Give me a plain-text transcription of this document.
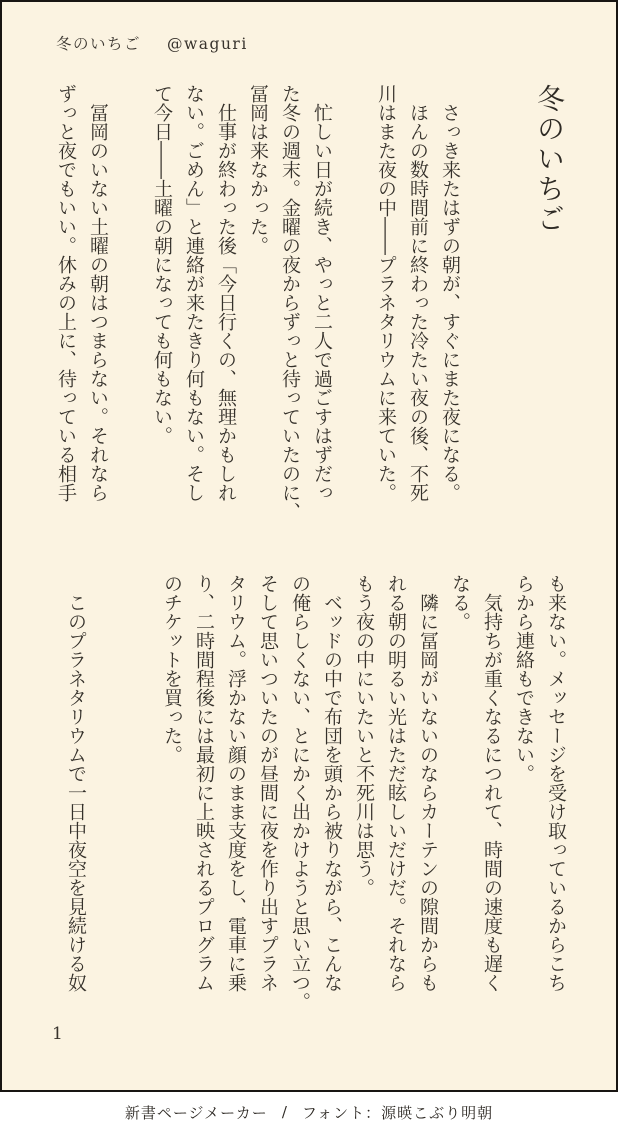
冬のいちご @waguri
冬のいちご
さっき来たはずの朝が、すぐにまた夜になる。
ほんの数時間前に終わった冷たい夜の後、不死
川はまた夜の中――プラネタリウムに来ていた。
忙しい日が続き、やっと二人で過ごすはずだっ
た冬の週末。金曜の夜からずっと待っていたのに、
冨岡は来なかった。
仕事が終わった後「今日行くの、無理かもしれ
ない。ごめん」と連絡が来たきり何もない。そし
て今日――土曜の朝になっても何もない。
冨岡のいない土曜の朝はつまらない。それなら
ずっと夜でもいい。休みの上に、待っている相手
も来ない。メッセージを受け取っているからこち
らから連絡もできない。
気持ちが重くなるにつれて、時間の速度も遅く
なる。
隣に冨岡がいないのならカーテンの隙間からも
れる朝の明るい光はただ眩しいだけだ。それなら
もう夜の中にいたいと不死川は思う。
ベッドの中で布団を頭から被りながら、こんな
の俺らしくない、とにかく出かけようと思い立つ。
そして思いついたのが昼間に夜を作り出すプラネ
タリウム。浮かない顔のまま支度をし、電車に乗
り、二時間程後には最初に上映されるプログラム
のチケットを買った。
このプラネタリウムで一日中夜空を見続ける奴
1
新書ページメーカー / フォント：源暎こぶり明朝
